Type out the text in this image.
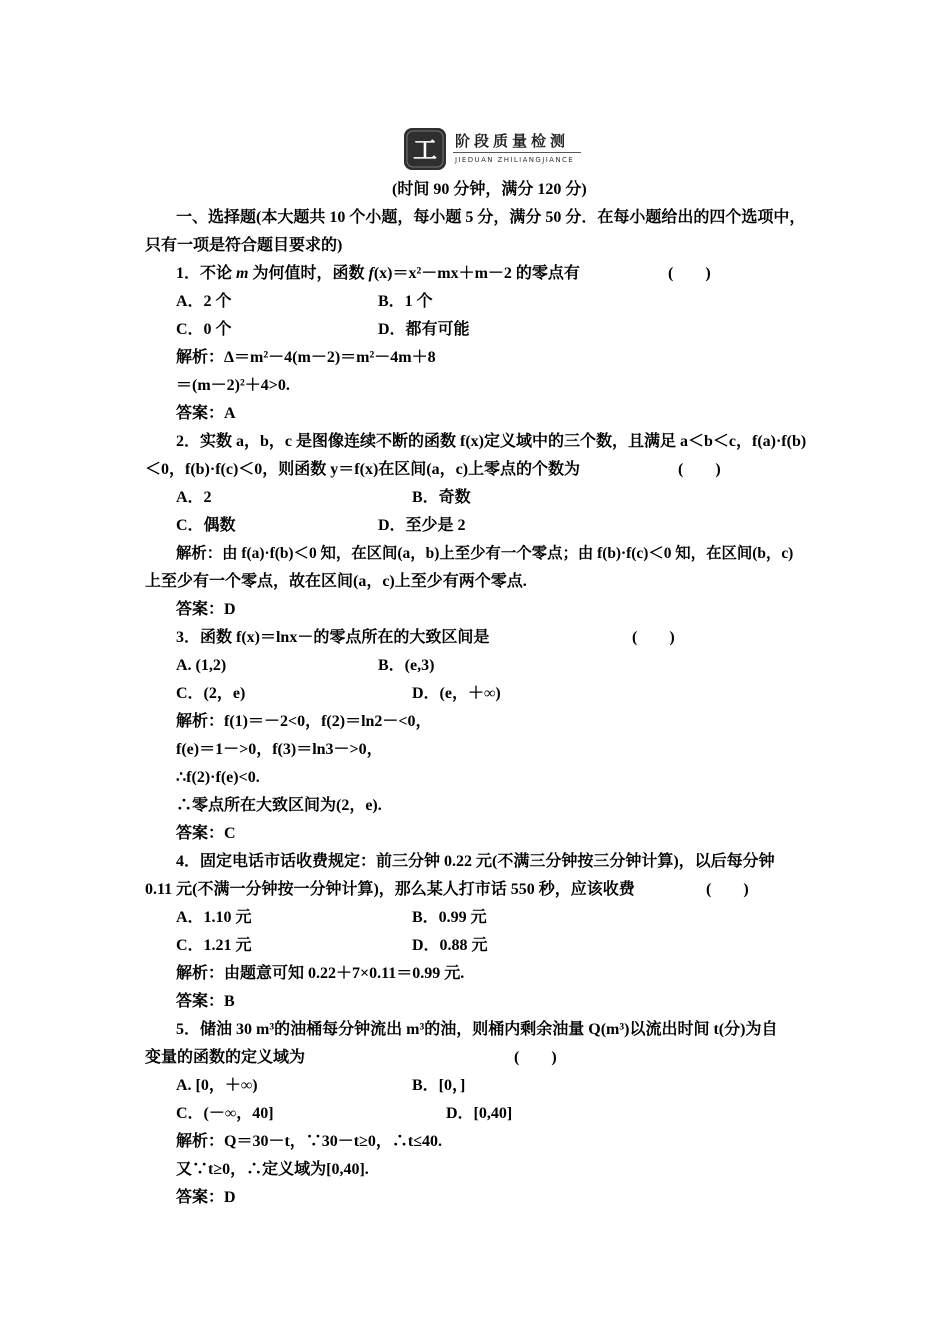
工 阶段质量检测
JIEDUAN ZHILIANGJIANCE
(时间 90 分钟，满分 120 分)
一、选择题(本大题共 10 个小题，每小题 5 分，满分 50 分．在每小题给出的四个选项中，
只有一项是符合题目要求的)
1．不论 m 为何值时，函数 f(x)＝x²－mx＋m－2 的零点有	(　　)
A．2 个	B．1 个
C．0 个	D．都有可能
解析：Δ＝m²－4(m－2)＝m²－4m＋8
＝(m－2)²＋4>0.
答案：A
2．实数 a，b，c 是图像连续不断的函数 f(x)定义域中的三个数，且满足 a＜b＜c，f(a)·f(b)
＜0，f(b)·f(c)＜0，则函数 y＝f(x)在区间(a，c)上零点的个数为	(　　)
A．2	B．奇数
C．偶数	D．至少是 2
解析：由 f(a)·f(b)＜0 知，在区间(a，b)上至少有一个零点；由 f(b)·f(c)＜0 知，在区间(b，c)
上至少有一个零点，故在区间(a，c)上至少有两个零点.
答案：D
3．函数 f(x)＝lnx－的零点所在的大致区间是	(　　)
A. (1,2)	B．(e,3)
C．(2，e)	D．(e，＋∞)
解析：f(1)＝－2<0，f(2)＝ln2－<0，
f(e)＝1－>0，f(3)＝ln3－>0，
∴f(2)·f(e)<0.
∴零点所在大致区间为(2，e).
答案：C
4．固定电话市话收费规定：前三分钟 0.22 元(不满三分钟按三分钟计算)，以后每分钟
0.11 元(不满一分钟按一分钟计算)，那么某人打市话 550 秒，应该收费	(　　)
A．1.10 元	B．0.99 元
C．1.21 元	D．0.88 元
解析：由题意可知 0.22＋7×0.11＝0.99 元.
答案：B
5．储油 30 m³的油桶每分钟流出 m³的油，则桶内剩余油量 Q(m³)以流出时间 t(分)为自
变量的函数的定义域为	(　　)
A. [0，＋∞)	B．[0，]
C．(－∞，40]	D．[0,40]
解析：Q＝30－t，∵30－t≥0，∴t≤40.
又∵t≥0，∴定义域为[0,40].
答案：D
